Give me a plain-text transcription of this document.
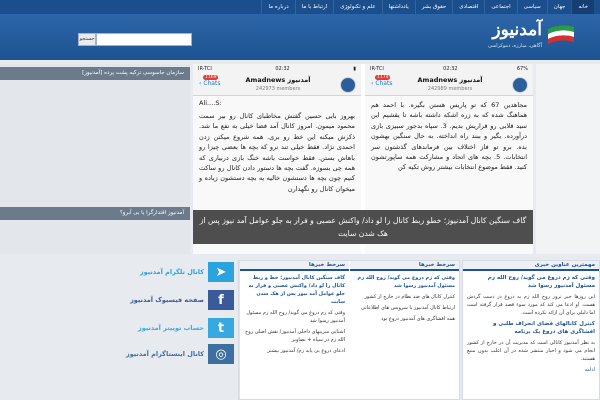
خانه
جهان
سیاسی
اجتماعی
اقتصادی
حقوق بشر
یادداشتها
علم و تکنولوژی
ارتباط با ما
درباره ما
آمدنیوز
آگاهی، مبارزه، دموکراسی
جستجو
سازمان جاسوسی ترکیه پشت پرده [آمدنیوز]
آمدنیوز اقتدارگرا یا بی آبرو؟
IR-TCI	02:32	▮
‹ Chats
1169	Amadnews آمدنیوز
242973 members
Ali....S:
بهروز بایی حسین گفتش مخاطبای کانال رو بیر سمت محمود میمون. امروز کانال آمد فضا خیلی به نفع ما شد. ذکرش میکنه این خط رو بری. همه شروع میکنن زدن احمدی نژاد. فقط خیلی تند نرو که بچه ها بعضی چیزا رو باهاش بستن. فقط خواست باشه خنگ بازی دربیاری که همه چی بسوزه. گفت بچه ها دستور دادن کانال رو ساکت کنیم چون بچه ها دستشون خالیه یه بچه دستشون زیاده و میخوان کانال رو نگهدارن
IR-TCI	02:32	67%
‹ Chats
1174	Amadnews آمدنیوز
242989 members
مجاهدین 67 که تو پاریس هستن بگیره. با احمد هم هماهنگ شده که به زره اشکه داشته باشه تا یقشیم این سید قلابی رو قراریش بدیم. 3. سپاه بدجور سبیزی بازی درآورده. بگیر و ببند راه انداخته. به حال سنگین بهشون بده. برو تو فاز اختلاف بین فرماندهای گذشتون سر انتخابات. 5. بچه های اتحاد و مشارکت همه ساپورتشون کنید. فقط موضوع انتخابات بیشتر روش تکیه کن
گاف سنگین کانال آمدنیوز؛ خطو ربط کانال را لو داد/ واکنش عصبی و فرار به جلو عوامل آمد نیوز پس از هک شدن سایت
➤
کانال تلگرام آمدنیوز
f
صفحه فیسبوک آمدنیوز
t
حساب توییتر آمدنیوز
◎
کانال اینستاگرام آمدنیوز
سرخط خبرها
گاف سنگین کانال آمدنیوز؛ خط و ربط کانال را لو داد/ واکنش عصبی و فرار به جلو عوامل آمد نیوز پس از هک شدن سایت
وقتی که زم دروغ می گوید/ روح الله زم مسئول آمدنیوز رسوا شد
اشنایی سرپنهای داخلی آمدنیوز/ نقش اصلی روح الله زم در سپاه + تصاویر
ادعای دروغ بی پایه زم/ آمدنیوز بیشتر
سرخط خبرها
وقتی که زم دروغ می گوید/ روح الله زم مسئول آمدنیوز رسوا شد
کنترل کانال های ضد نظام در خارج از کشور
ارتباط کانال آمدنیوز با سرویس های اطلاعاتی
همه افشاگری های آمدنیوز دروغ بود
مهمترین عناوین خبری
وقتی که زم دروغ می گوید/ روح الله زم مسئول آمدنیوز رسوا شد
این روزها خبر ترور روح الله زم به دروغ در دست گردش هست. او ادعا می کند که مورد سوء قصد قرار گرفته است اما دلیلی برای آن ارائه نکرده است.
کنترل کانالهای فضای انحراف طلبی و افشاگری های دروغ یک برنامه
به نظر آمدنیوز کانالی است که مدیریت آن در خارج از کشور انجام می شود و اخبار منتشر شده در آن اغلب بدون منبع هستند.
ادامه
